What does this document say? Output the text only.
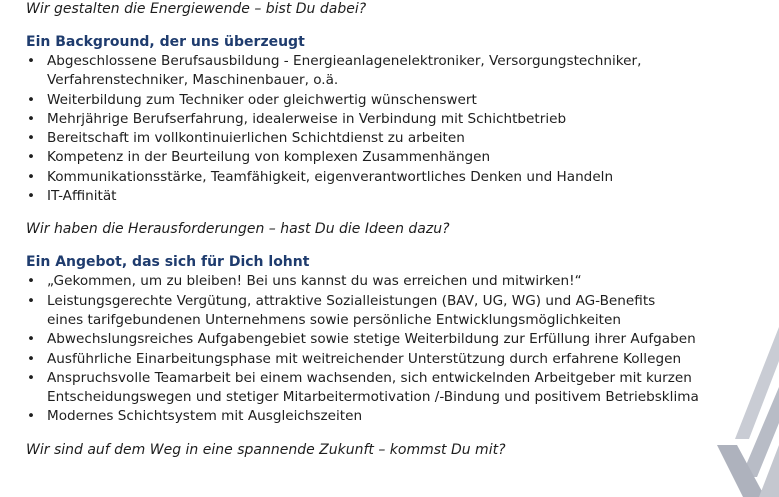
Wir gestalten die Energiewende – bist Du dabei?

Ein Background, der uns überzeugt
• Abgeschlossene Berufsausbildung - Energieanlagenelektroniker, Versorgungstechniker,
Verfahrenstechniker, Maschinenbauer, o.ä.
• Weiterbildung zum Techniker oder gleichwertig wünschenswert
• Mehrjährige Berufserfahrung, idealerweise in Verbindung mit Schichtbetrieb
• Bereitschaft im vollkontinuierlichen Schichtdienst zu arbeiten
• Kompetenz in der Beurteilung von komplexen Zusammenhängen
• Kommunikationsstärke, Teamfähigkeit, eigenverantwortliches Denken und Handeln
• IT-Affinität

Wir haben die Herausforderungen – hast Du die Ideen dazu?

Ein Angebot, das sich für Dich lohnt
• „Gekommen, um zu bleiben! Bei uns kannst du was erreichen und mitwirken!“
• Leistungsgerechte Vergütung, attraktive Sozialleistungen (BAV, UG, WG) und AG-Benefits
eines tarifgebundenen Unternehmens sowie persönliche Entwicklungsmöglichkeiten
• Abwechslungsreiches Aufgabengebiet sowie stetige Weiterbildung zur Erfüllung ihrer Aufgaben
• Ausführliche Einarbeitungsphase mit weitreichender Unterstützung durch erfahrene Kollegen
• Anspruchsvolle Teamarbeit bei einem wachsenden, sich entwickelnden Arbeitgeber mit kurzen
Entscheidungswegen und stetiger Mitarbeitermotivation /-Bindung und positivem Betriebsklima
• Modernes Schichtsystem mit Ausgleichszeiten

Wir sind auf dem Weg in eine spannende Zukunft – kommst Du mit?
